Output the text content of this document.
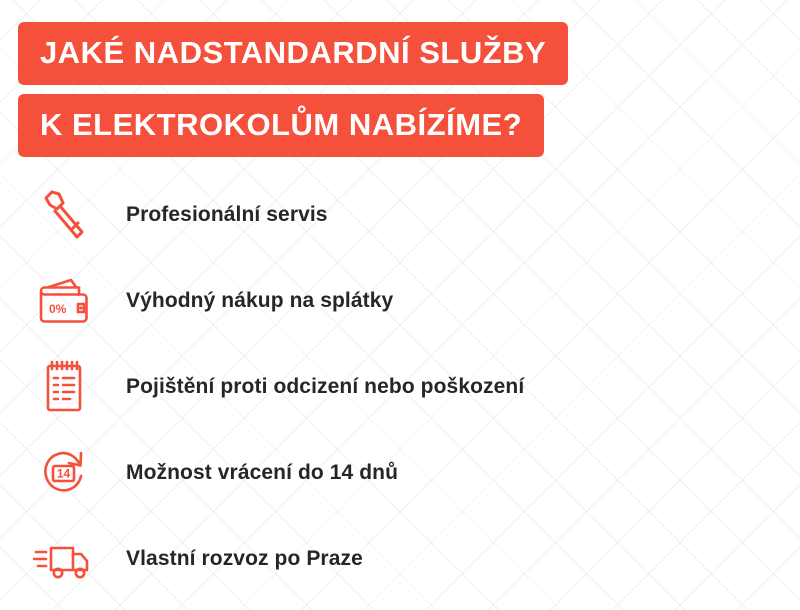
JAKÉ NADSTANDARDNÍ SLUŽBY
K ELEKTROKOLŮM NABÍZÍME?
Profesionální servis
0%	Výhodný nákup na splátky
Pojištění proti odcizení nebo poškození
14	Možnost vrácení do 14 dnů
Vlastní rozvoz po Praze
